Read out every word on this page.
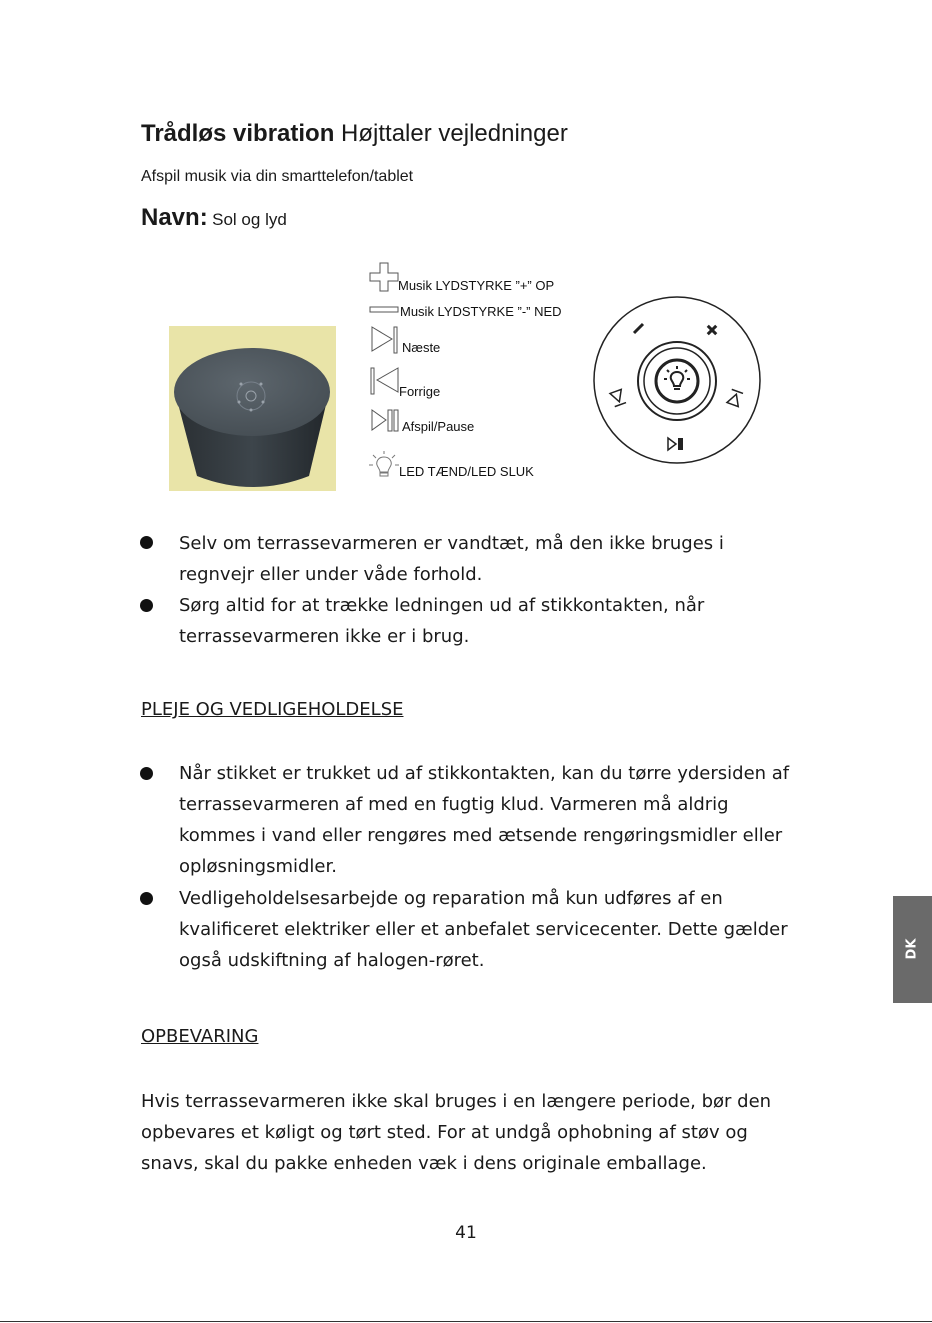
Trådløs vibration Højttaler vejledninger
Afspil musik via din smarttelefon/tablet
Navn: Sol og lyd
Musik LYDSTYRKE ”+” OP
Musik LYDSTYRKE ”-” NED
Næste
Forrige
Afspil/Pause
LED TÆND/LED SLUK
Selv om terrassevarmeren er vandtæt, må den ikke bruges i regnvejr eller under våde forhold.
Sørg altid for at trække ledningen ud af stikkontakten, når terrassevarmeren ikke er i brug.
PLEJE OG VEDLIGEHOLDELSE
Når stikket er trukket ud af stikkontakten, kan du tørre ydersiden af terrassevarmeren af med en fugtig klud. Varmeren må aldrig kommes i vand eller rengøres med ætsende rengøringsmidler eller opløsningsmidler.
Vedligeholdelsesarbejde og reparation må kun udføres af en kvalificeret elektriker eller et anbefalet servicecenter. Dette gælder også udskiftning af halogen-røret.
OPBEVARING
Hvis terrassevarmeren ikke skal bruges i en længere periode, bør den opbevares et køligt og tørt sted. For at undgå ophobning af støv og snavs, skal du pakke enheden væk i dens originale emballage.
41
DK
